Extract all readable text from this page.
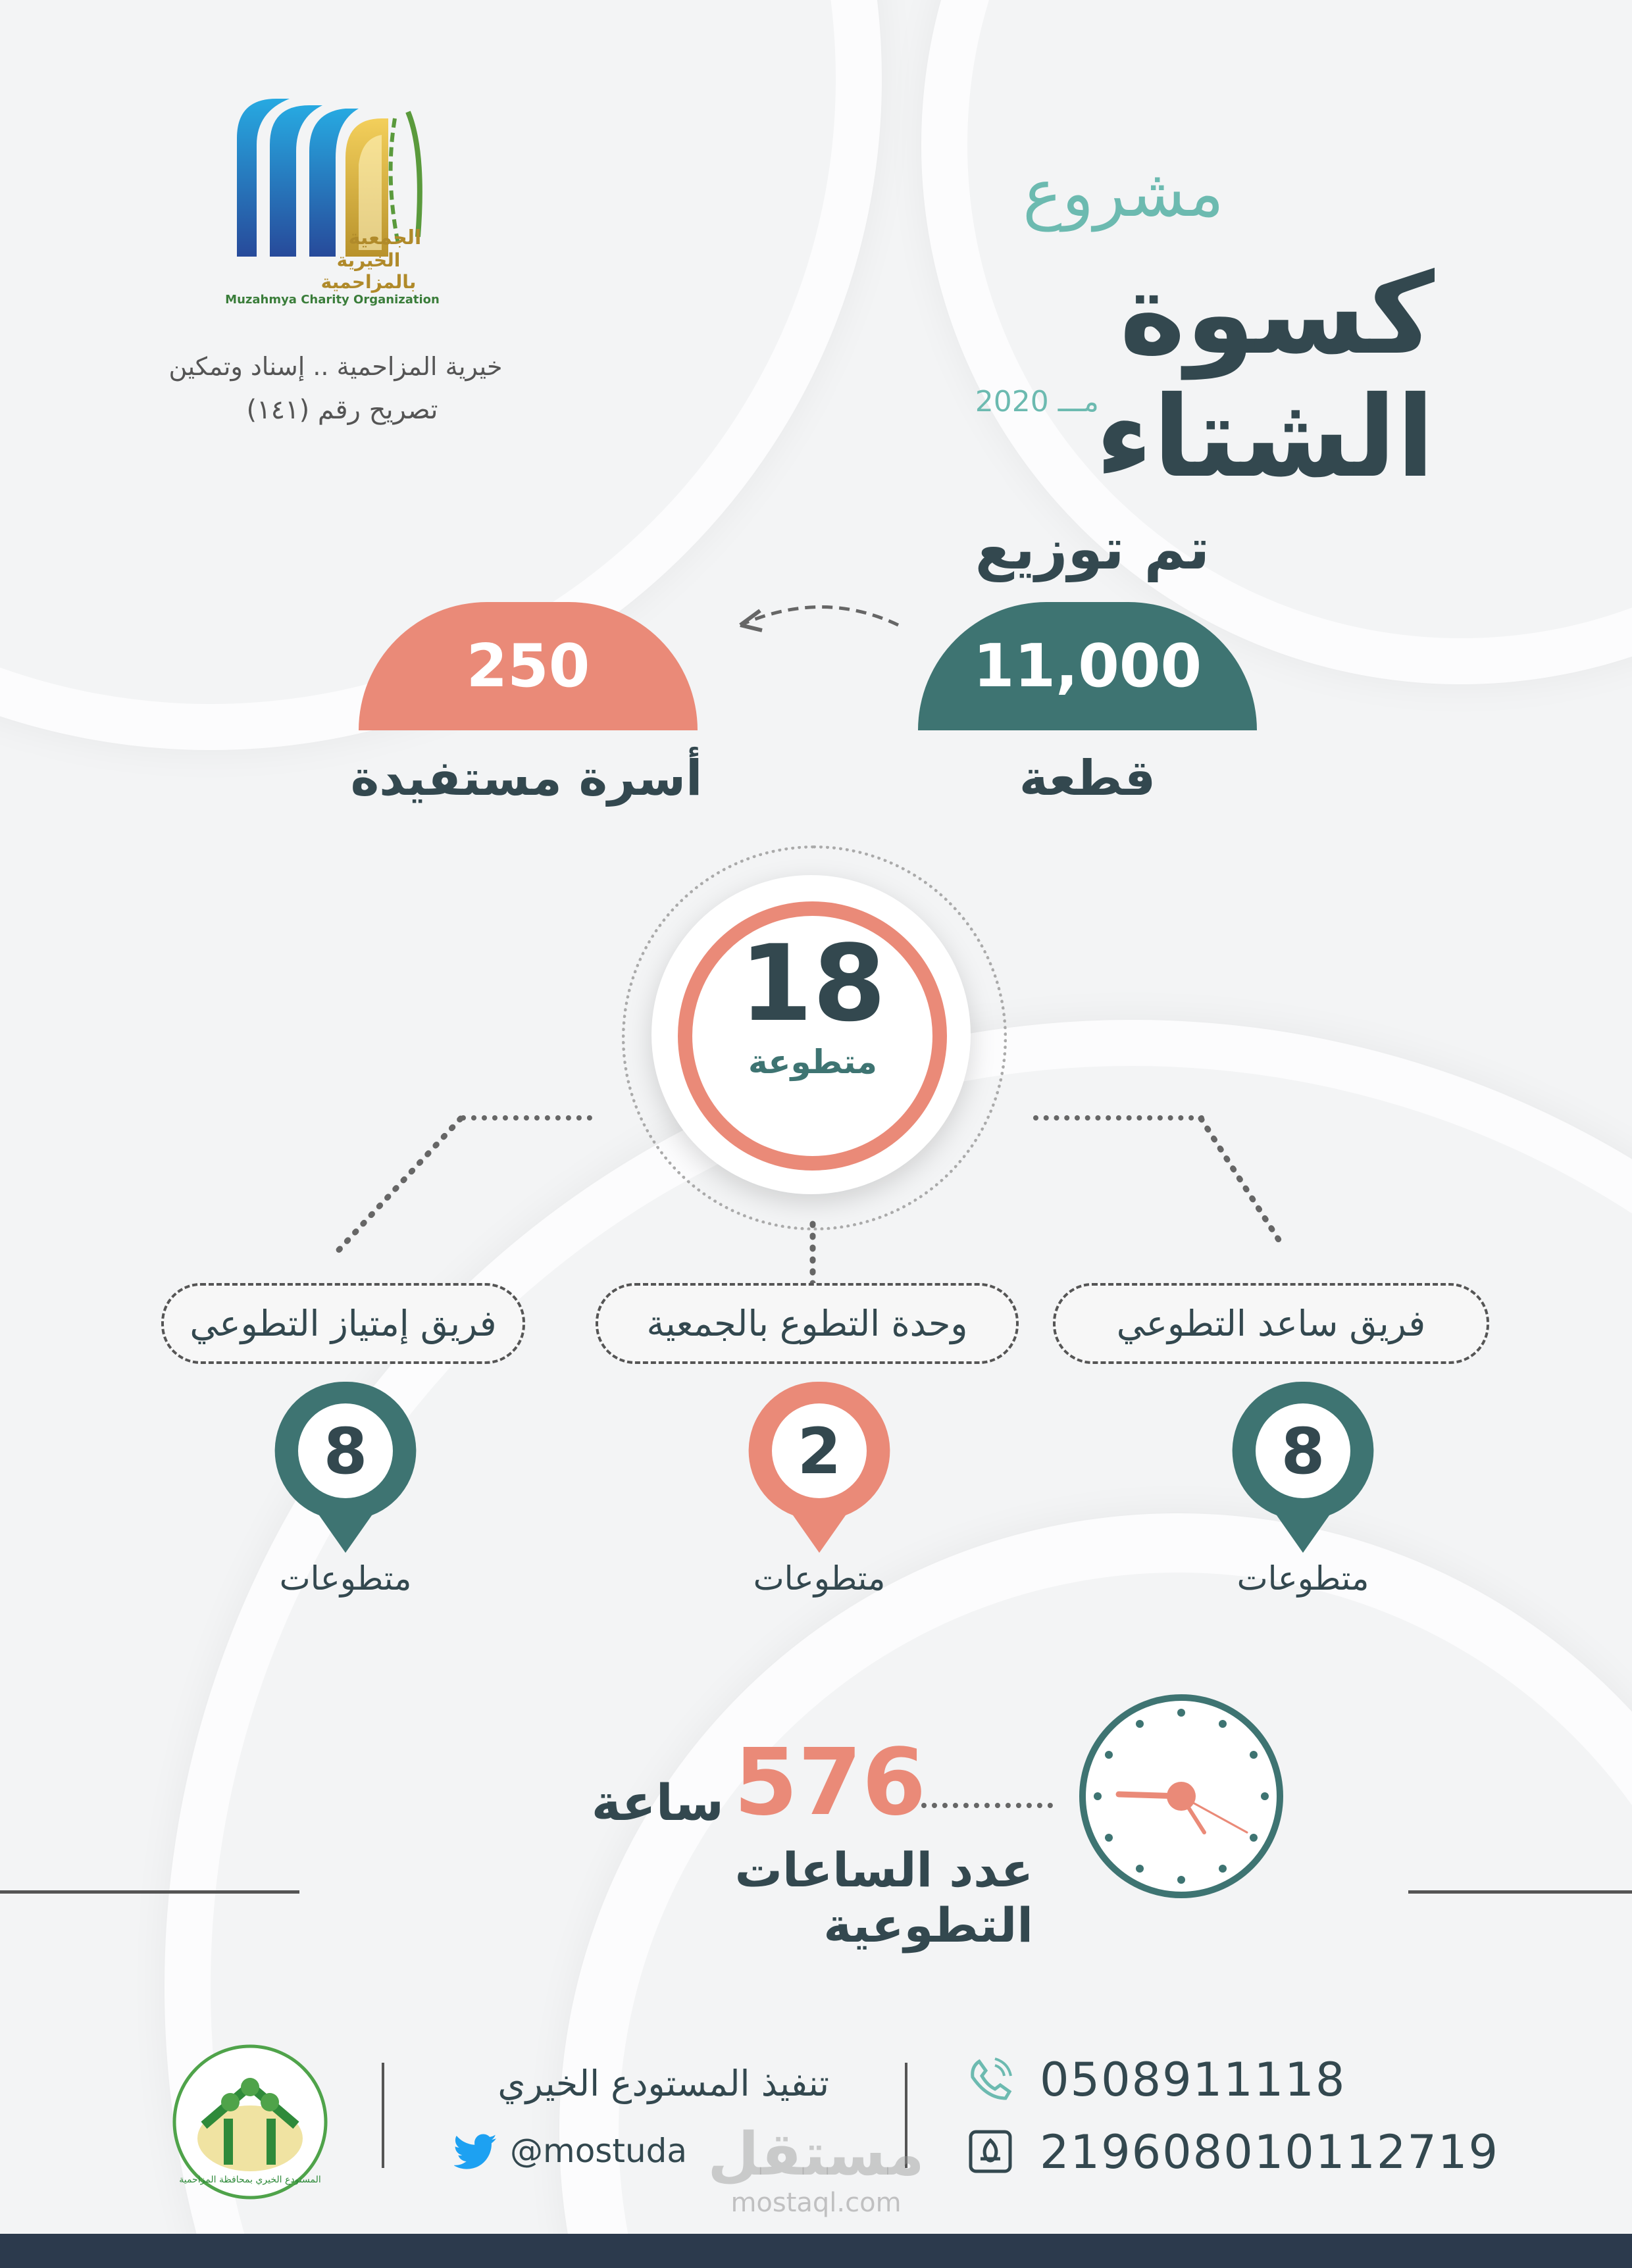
الجمعية
الخيرية بالمزاحمية
Muzahmya Charity Organization
خيرية المزاحمية .. إسناد وتمكين
تصريح رقم (١٤١)
مشروع
كسوة الشتاء
2020 مـــ
تم توزيع
11,000
قطعة
250
أسرة مستفيدة
18
متطوعة
فريق ساعد التطوعي
وحدة التطوع بالجمعية
فريق إمتياز التطوعي
8
2
8
متطوعات
متطوعات
متطوعات
576
ساعة
عدد الساعات التطوعية
المستودع الخيري بمحافظة المزاحمية
تنفيذ المستودع الخيري
@mostuda
0508911118
219608010112719
مستقل
mostaql.com
